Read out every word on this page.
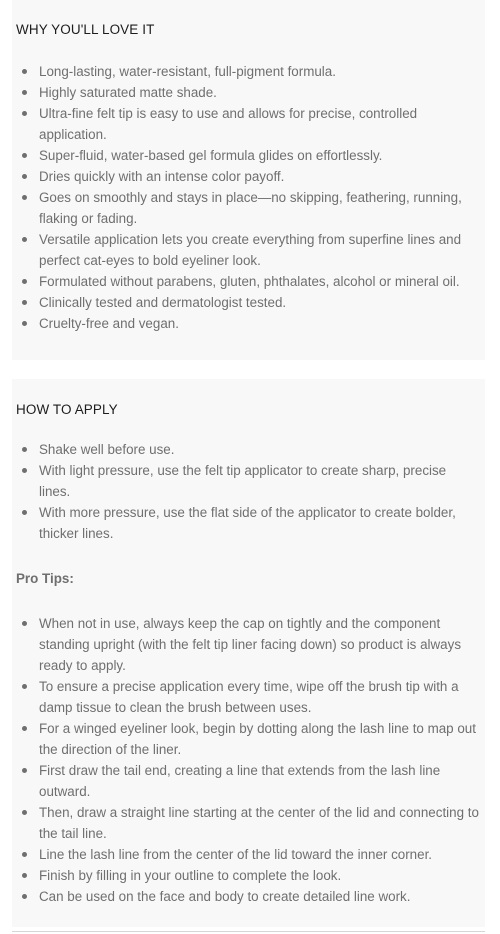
WHY YOU'LL LOVE IT
Long-lasting, water-resistant, full-pigment formula.
Highly saturated matte shade.
Ultra-fine felt tip is easy to use and allows for precise, controlled application.
Super-fluid, water-based gel formula glides on effortlessly.
Dries quickly with an intense color payoff.
Goes on smoothly and stays in place—no skipping, feathering, running, flaking or fading.
Versatile application lets you create everything from superfine lines and perfect cat-eyes to bold eyeliner look.
Formulated without parabens, gluten, phthalates, alcohol or mineral oil.
Clinically tested and dermatologist tested.
Cruelty-free and vegan.
HOW TO APPLY
Shake well before use.
With light pressure, use the felt tip applicator to create sharp, precise lines.
With more pressure, use the flat side of the applicator to create bolder, thicker lines.

Pro Tips:

When not in use, always keep the cap on tightly and the component standing upright (with the felt tip liner facing down) so product is always ready to apply.
To ensure a precise application every time, wipe off the brush tip with a damp tissue to clean the brush between uses.
For a winged eyeliner look, begin by dotting along the lash line to map out the direction of the liner.
First draw the tail end, creating a line that extends from the lash line outward.
Then, draw a straight line starting at the center of the lid and connecting to the tail line.
Line the lash line from the center of the lid toward the inner corner.
Finish by filling in your outline to complete the look.
Can be used on the face and body to create detailed line work.
